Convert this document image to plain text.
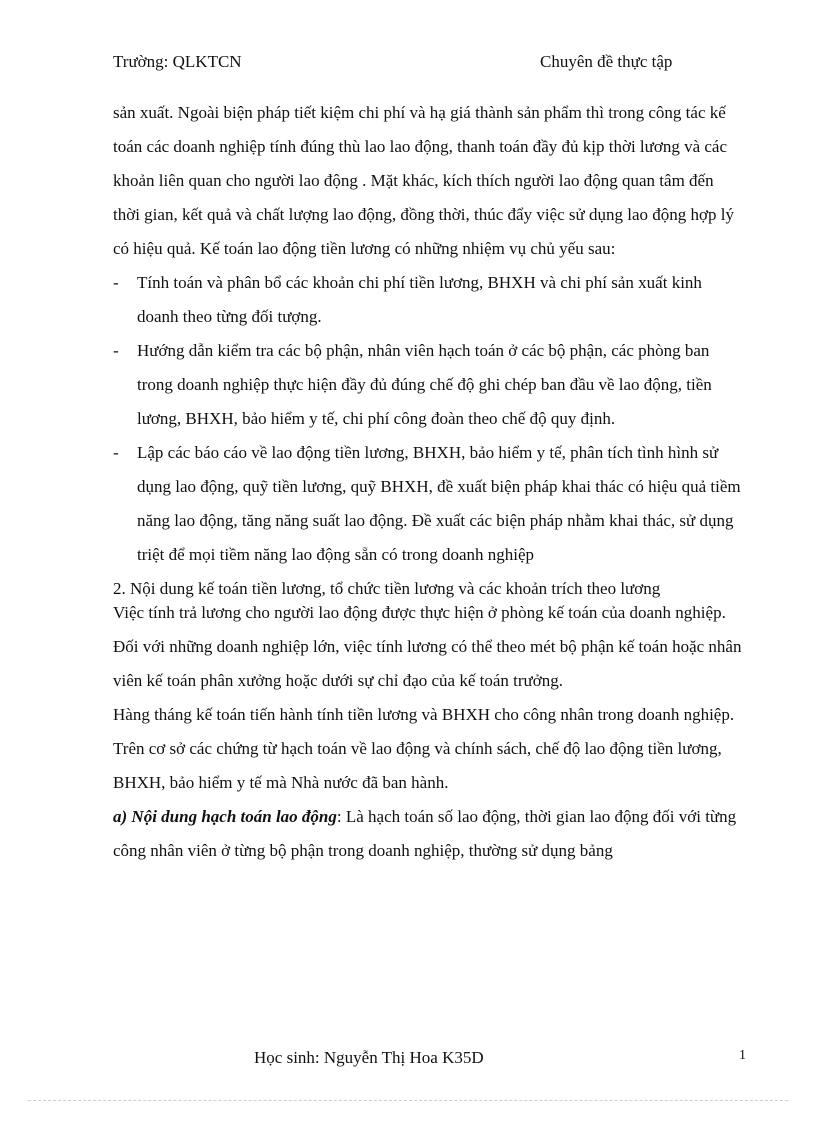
Trường: QLKTCN	Chuyên đề thực tập

sản xuất. Ngoài biện pháp tiết kiệm chi phí và hạ giá thành sản phẩm thì trong công tác kế toán các doanh nghiệp tính đúng thù lao lao động, thanh toán đầy đủ kịp thời lương và các khoản liên quan cho người lao động . Mặt khác, kích thích người lao động quan tâm đến thời gian, kết quả và chất lượng lao động, đồng thời, thúc đẩy việc sử dụng lao động hợp lý có hiệu quả. Kế toán lao động tiền lương có những nhiệm vụ chủ yếu sau:

- Tính toán và phân bổ các khoản chi phí tiền lương, BHXH và chi phí sản xuất kinh doanh theo từng đối tượng.
- Hướng dẫn kiểm tra các bộ phận, nhân viên hạch toán ở các bộ phận, các phòng ban trong doanh nghiệp thực hiện đầy đủ đúng chế độ ghi chép ban đầu về lao động, tiền lương, BHXH, bảo hiểm y tế, chi phí công đoàn theo chế độ quy định.
- Lập các báo cáo về lao động tiền lương, BHXH, bảo hiểm y tế, phân tích tình hình sử dụng lao động, quỹ tiền lương, quỹ BHXH, đề xuất biện pháp khai thác có hiệu quả tiềm năng lao động, tăng năng suất lao động. Đề xuất các biện pháp nhằm khai thác, sử dụng triệt để mọi tiềm năng lao động sẵn có trong doanh nghiệp

2. Nội dung kế toán tiền lương, tổ chức tiền lương và các khoản trích theo lương

Việc tính trả lương cho người lao động được thực hiện ở phòng kế toán của doanh nghiệp. Đối với những doanh nghiệp lớn, việc tính lương có thể theo mét bộ phận kế toán hoặc nhân viên kế toán phân xưởng hoặc dưới sự chỉ đạo của kế toán trưởng.

Hàng tháng kế toán tiến hành tính tiền lương và BHXH cho công nhân trong doanh nghiệp. Trên cơ sở các chứng từ hạch toán về lao động và chính sách, chế độ lao động tiền lương, BHXH, bảo hiểm y tế mà Nhà nước đã ban hành.

a) Nội dung hạch toán lao động: Là hạch toán số lao động, thời gian lao động đối với từng công nhân viên ở từng bộ phận trong doanh nghiệp, thường sử dụng bảng

Học sinh: Nguyễn Thị Hoa K35D	1
